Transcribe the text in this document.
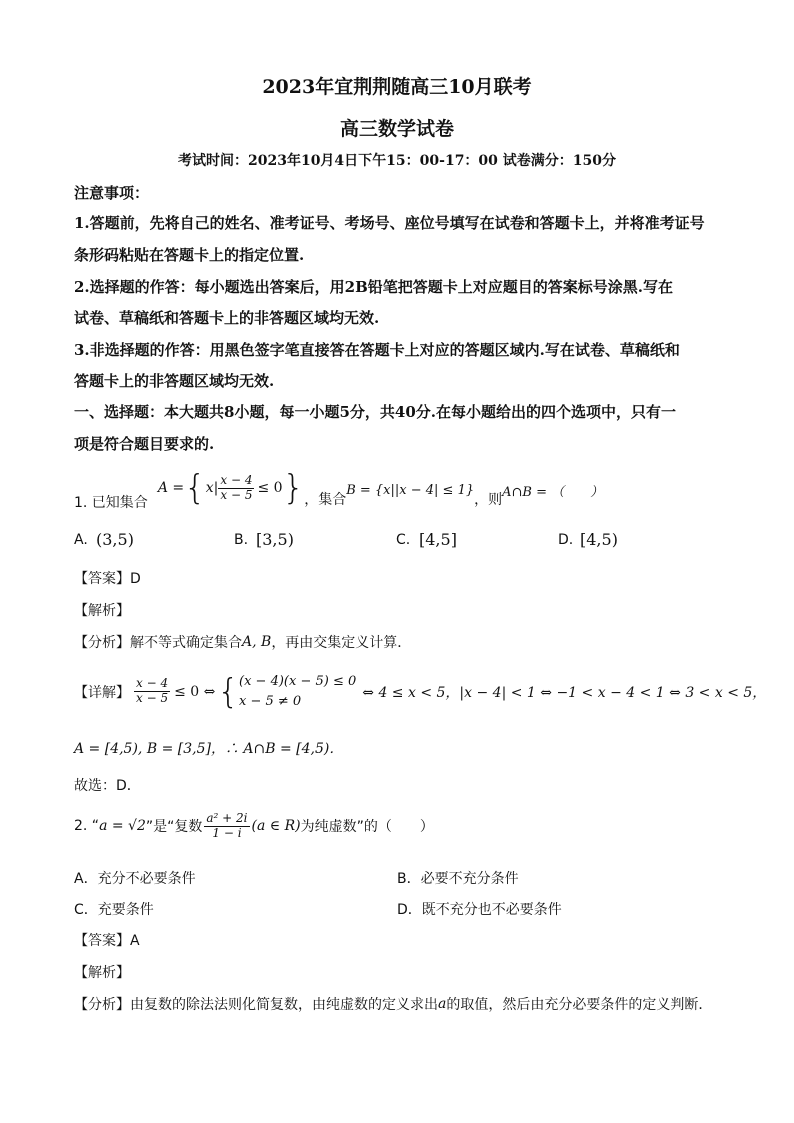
2023年宜荆荆随高三10月联考
高三数学试卷
考试时间：2023年10月4日下午15：00-17：00 试卷满分：150分
注意事项：
1.答题前，先将自己的姓名、准考证号、考场号、座位号填写在试卷和答题卡上，并将准考证号
条形码粘贴在答题卡上的指定位置.
2.选择题的作答：每小题选出答案后，用2B铅笔把答题卡上对应题目的答案标号涂黑.写在
试卷、草稿纸和答题卡上的非答题区域均无效.
3.非选择题的作答：用黑色签字笔直接答在答题卡上对应的答题区域内.写在试卷、草稿纸和
答题卡上的非答题区域均无效.
一、选择题：本大题共8小题，每一小题5分，共40分.在每小题给出的四个选项中，只有一
项是符合题目要求的.
1. 已知集合
A = { $x| \frac{x - 4}{x - 5} \le 0$ } ，集合
B = {x||x − 4| ≤ 1}
，则 A∩B = （　　）
A. (3,5)	B. [3,5)	C. [4,5]	D. [4,5)
【答案】D
【解析】
【分析】解不等式确定集合 A, B ，再由交集定义计算．
【详解】 $\frac{x - 4}{x - 5} \le 0$ ⇔ { (x − 4)(x − 5) ≤ 0
x − 5 ≠ 0
⇔ 4 ≤ x < 5，|x − 4| < 1 ⇔ −1 < x − 4 < 1 ⇔ 3 < x < 5，
A = [4,5), B = [3,5]，∴ A∩B = [4,5)．
故选：D．
2. “ a = √2 ”是“复数 $\frac{\text{a² + 2i}}{1 - i} (a$ ∈ R) 为纯虚数”的（　　）
A．充分不必要条件	B．必要不充分条件
C．充要条件	D．既不充分也不必要条件
【答案】A
【解析】
【分析】由复数的除法法则化简复数，由纯虚数的定义求出 a 的取值，然后由充分必要条件的定义判断．
